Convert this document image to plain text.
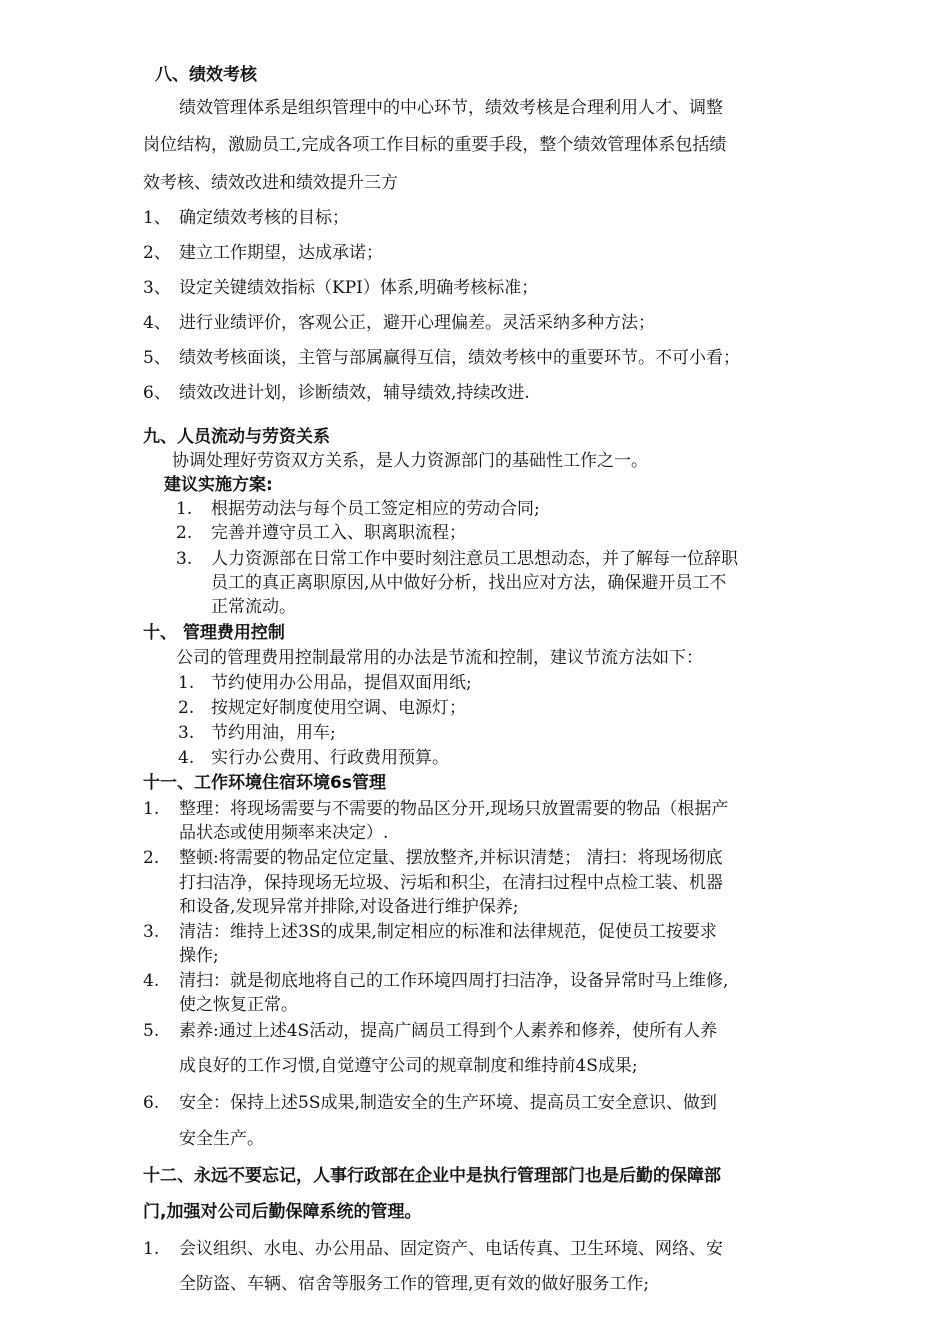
八、绩效考核
绩效管理体系是组织管理中的中心环节，绩效考核是合理利用人才、调整
岗位结构，激励员工,完成各项工作目标的重要手段，整个绩效管理体系包括绩
效考核、绩效改进和绩效提升三方
1、 确定绩效考核的目标；
2、 建立工作期望，达成承诺；
3、 设定关键绩效指标（KPI）体系,明确考核标准；
4、 进行业绩评价，客观公正，避开心理偏差。灵活采纳多种方法；
5、 绩效考核面谈，主管与部属赢得互信，绩效考核中的重要环节。不可小看；
6、 绩效改进计划，诊断绩效，辅导绩效,持续改进.
九、人员流动与劳资关系
协调处理好劳资双方关系，是人力资源部门的基础性工作之一。
建议实施方案:
1. 根据劳动法与每个员工签定相应的劳动合同;
2. 完善并遵守员工入、职离职流程；
3. 人力资源部在日常工作中要时刻注意员工思想动态，并了解每一位辞职
员工的真正离职原因,从中做好分析，找出应对方法，确保避开员工不
正常流动。
十、 管理费用控制
公司的管理费用控制最常用的办法是节流和控制，建议节流方法如下：
1. 节约使用办公用品，提倡双面用纸;
2. 按规定好制度使用空调、电源灯；
3. 节约用油，用车;
4. 实行办公费用、行政费用预算。
十一、工作环境住宿环境6s管理
1. 整理：将现场需要与不需要的物品区分开,现场只放置需要的物品（根据产
品状态或使用频率来决定）.
2. 整顿:将需要的物品定位定量、摆放整齐,并标识清楚； 清扫：将现场彻底
打扫洁净，保持现场无垃圾、污垢和积尘，在清扫过程中点检工装、机器
和设备,发现异常并排除,对设备进行维护保养;
3. 清洁：维持上述3S的成果,制定相应的标准和法律规范，促使员工按要求
操作;
4. 清扫：就是彻底地将自己的工作环境四周打扫洁净，设备异常时马上维修,
使之恢复正常。
5. 素养:通过上述4S活动，提高广阔员工得到个人素养和修养，使所有人养
成良好的工作习惯,自觉遵守公司的规章制度和维持前4S成果;
6. 安全：保持上述5S成果,制造安全的生产环境、提高员工安全意识、做到
安全生产。
十二、永远不要忘记，人事行政部在企业中是执行管理部门也是后勤的保障部
门,加强对公司后勤保障系统的管理。
1. 会议组织、水电、办公用品、固定资产、电话传真、卫生环境、网络、安
全防盗、车辆、宿舍等服务工作的管理,更有效的做好服务工作;
